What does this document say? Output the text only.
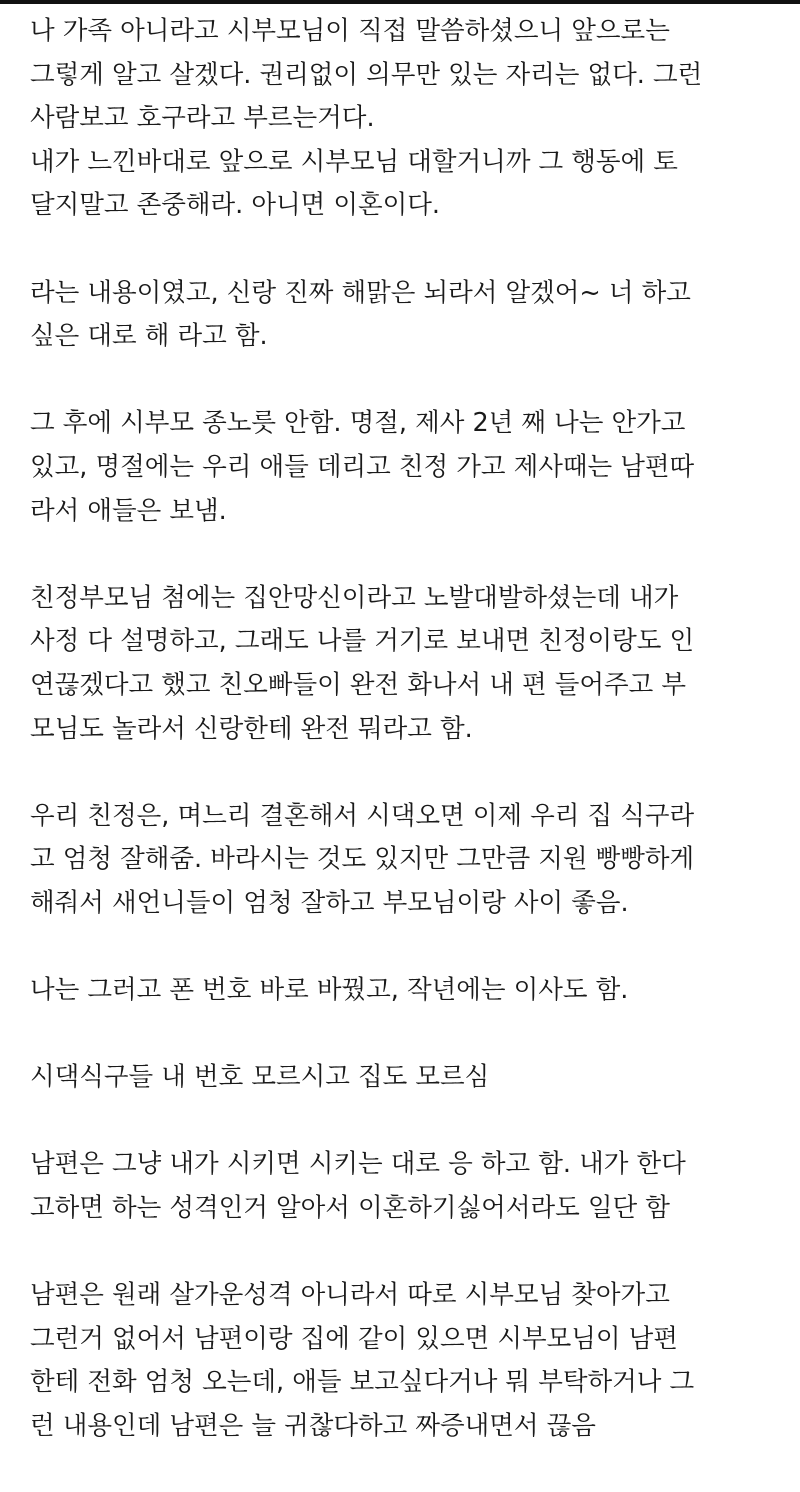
나 가족 아니라고 시부모님이 직접 말씀하셨으니 앞으로는
그렇게 알고 살겠다. 권리없이 의무만 있는 자리는 없다. 그런
사람보고 호구라고 부르는거다.
내가 느낀바대로 앞으로 시부모님 대할거니까 그 행동에 토
달지말고 존중해라. 아니면 이혼이다.

라는 내용이였고, 신랑 진짜 해맑은 뇌라서 알겠어~ 너 하고
싶은 대로 해 라고 함.

그 후에 시부모 종노릇 안함. 명절, 제사 2년 째 나는 안가고
있고, 명절에는 우리 애들 데리고 친정 가고 제사때는 남편따
라서 애들은 보냄.

친정부모님 첨에는 집안망신이라고 노발대발하셨는데 내가
사정 다 설명하고, 그래도 나를 거기로 보내면 친정이랑도 인
연끊겠다고 했고 친오빠들이 완전 화나서 내 편 들어주고 부
모님도 놀라서 신랑한테 완전 뭐라고 함.

우리 친정은, 며느리 결혼해서 시댁오면 이제 우리 집 식구라
고 엄청 잘해줌. 바라시는 것도 있지만 그만큼 지원 빵빵하게
해줘서 새언니들이 엄청 잘하고 부모님이랑 사이 좋음.

나는 그러고 폰 번호 바로 바꿨고, 작년에는 이사도 함.

시댁식구들 내 번호 모르시고 집도 모르심

남편은 그냥 내가 시키면 시키는 대로 응 하고 함. 내가 한다
고하면 하는 성격인거 알아서 이혼하기싫어서라도 일단 함

남편은 원래 살가운성격 아니라서 따로 시부모님 찾아가고
그런거 없어서 남편이랑 집에 같이 있으면 시부모님이 남편
한테 전화 엄청 오는데, 애들 보고싶다거나 뭐 부탁하거나 그
런 내용인데 남편은 늘 귀찮다하고 짜증내면서 끊음
